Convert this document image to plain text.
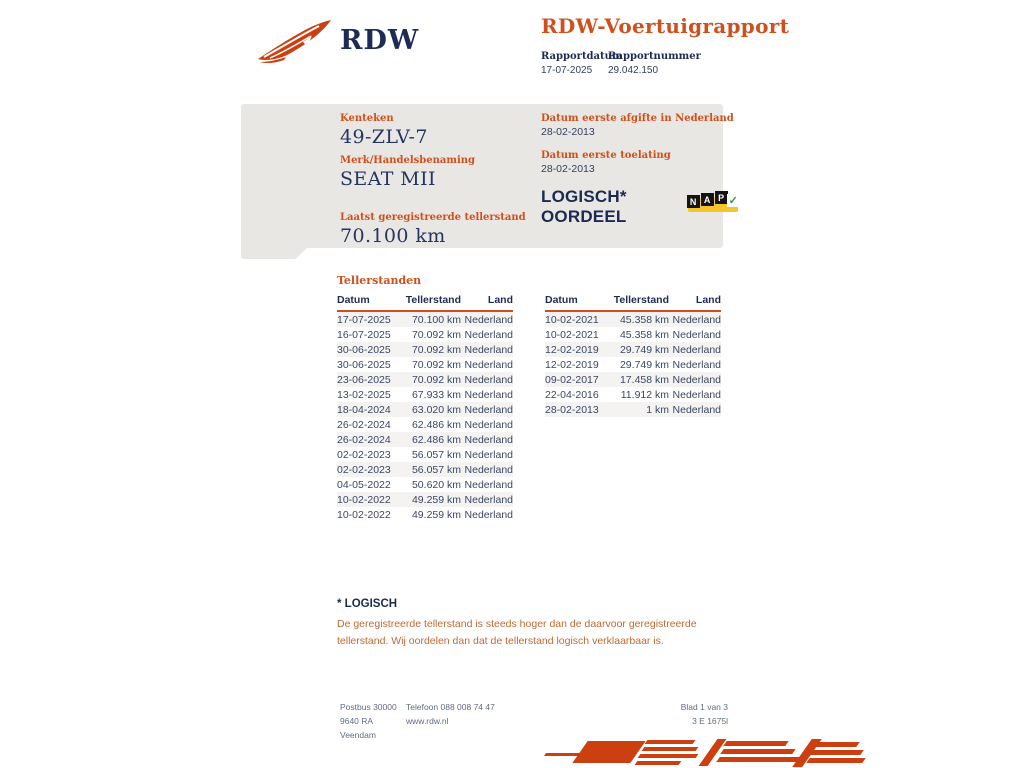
RDW	RDW-Voertuigrapport
Rapportdatum
17-07-2025
Rapportnummer
29.042.150
Kenteken
49-ZLV-7
Merk/Handelsbenaming
SEAT MII
Laatst geregistreerde tellerstand
70.100 km
Datum eerste afgifte in Nederland
28-02-2013
Datum eerste toelating
28-02-2013
LOGISCH*
OORDEEL
N A P ✓
Tellerstanden
Datum	Tellerstand	Land
17-07-2025	70.100 km	Nederland
16-07-2025	70.092 km	Nederland
30-06-2025	70.092 km	Nederland
30-06-2025	70.092 km	Nederland
23-06-2025	70.092 km	Nederland
13-02-2025	67.933 km	Nederland
18-04-2024	63.020 km	Nederland
26-02-2024	62.486 km	Nederland
26-02-2024	62.486 km	Nederland
02-02-2023	56.057 km	Nederland
02-02-2023	56.057 km	Nederland
04-05-2022	50.620 km	Nederland
10-02-2022	49.259 km	Nederland
10-02-2022	49.259 km	Nederland
Datum	Tellerstand	Land
10-02-2021	45.358 km	Nederland
10-02-2021	45.358 km	Nederland
12-02-2019	29.749 km	Nederland
12-02-2019	29.749 km	Nederland
09-02-2017	17.458 km	Nederland
22-04-2016	11.912 km	Nederland
28-02-2013	1 km	Nederland
* LOGISCH
De geregistreerde tellerstand is steeds hoger dan de daarvoor geregistreerde tellerstand. Wij oordelen dan dat de tellerstand logisch verklaarbaar is.
Postbus 30000
9640 RA Veendam
Telefoon 088 008 74 47
www.rdw.nl
Blad 1 van 3
3 E 1675l
